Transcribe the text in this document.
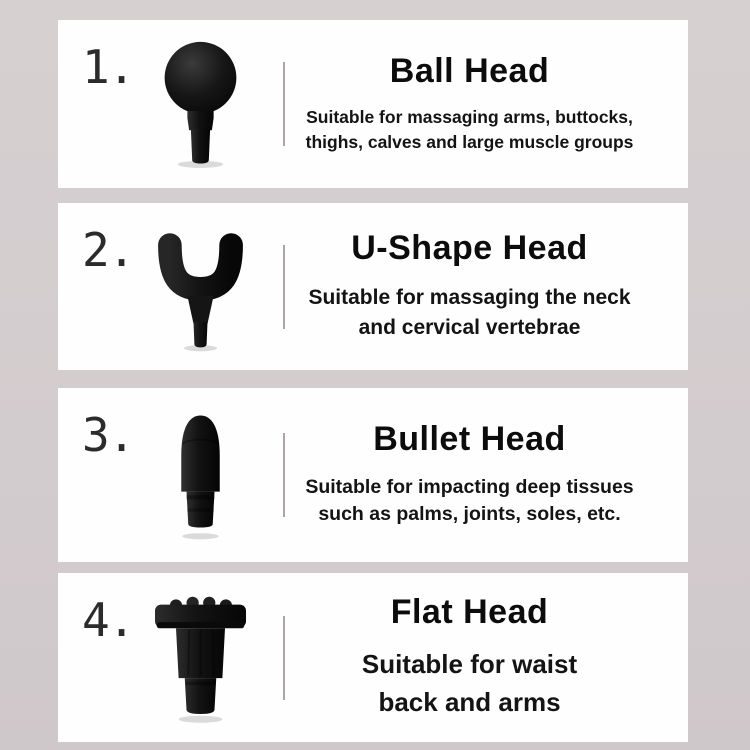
1.	Ball Head
Suitable for massaging arms, buttocks,
thighs, calves and large muscle groups
2.	U-Shape Head
Suitable for massaging the neck
and cervical vertebrae
3.	Bullet Head
Suitable for impacting deep tissues
such as palms, joints, soles, etc.
4.	Flat Head
Suitable for waist
back and arms
